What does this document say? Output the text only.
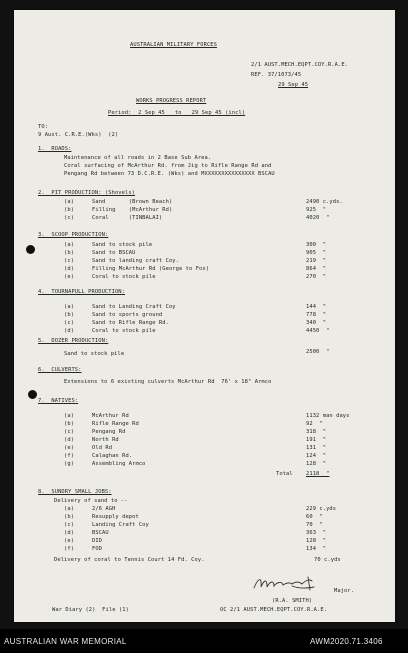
AUSTRALIAN MILITARY FORCES
2/1 AUST.MECH.EQPT.COY.R.A.E.
REF. 37/1073/45
29 Sep 45
WORKS PROGRESS REPORT
Period:  2 Sep 45   to   29 Sep 45 (incl)
TO:
9 Aust. C.R.E.(Wks)  (2)
1.  ROADS:
Maintenance of all roads in 2 Base Sub Area.
Coral surfacing of McArthur Rd. from Jig to Rifle Range Rd and
Pengang Rd between 73 D.C.R.E. (Wks) and MXXXXXXXXXXXXXXX BSCAU
2.  PIT PRODUCTION: (Shovels)
3.  SCOOP PRODUCTION:
4.  TOURNAPULL PRODUCTION:
5.  DOZER PRODUCTION:
Sand to stock pile	2500  "
6.  CULVERTS:
Extensions to 6 existing culverts McArthur Rd  76' x 18" Armco
7.  NATIVES:
Total 2118  "
8.  SUNDRY SMALL JOBS:
Delivery of sand to --
Delivery of coral to Tennis Court 14 Fd. Coy.	70 c.yds
Major.
(R.A. SMITH)
War Diary (2)  File (1)	OC 2/1 AUST.MECH.EQPT.COY.R.A.E.
(a)	Sand       (Brown Beach)	2490 c.yds.
(b)	Filling    (McArthur Rd)	925  "
(c)	Coral      (TINBALAI)	4020  "
(a)	Sand to stock pile	300  "
(b)	Sand to BSCAU	905  "
(c)	Sand to landing craft Coy.	219  "
(d)	Filling McArthur Rd (George to Fox)	864  "
(e)	Coral to stock pile	270  "
(a)	Sand to Landing Craft Coy	144  "
(b)	Sand to sports ground	778  "
(c)	Sand to Rifle Range Rd.	340  "
(d)	Coral to stock pile	4450  "
(a)	McArthur Rd	1132 man days
(b)	Rifle Range Rd	92  "
(c)	Pengang Rd	318  "
(d)	North Rd	191  "
(e)	Old Rd	131  "
(f)	Calaghan Rd.	124  "
(g)	Assembling Armco	128  "
(a)	2/6 AGH	229 c.yds
(b)	Resupply depot	60  "
(c)	Landing Craft Coy	70  "
(d)	BSCAU	363  "
(e)	DID	128  "
(f)	FOD	134  "
AUSTRALIAN WAR MEMORIAL	AWM2020.71.3406
